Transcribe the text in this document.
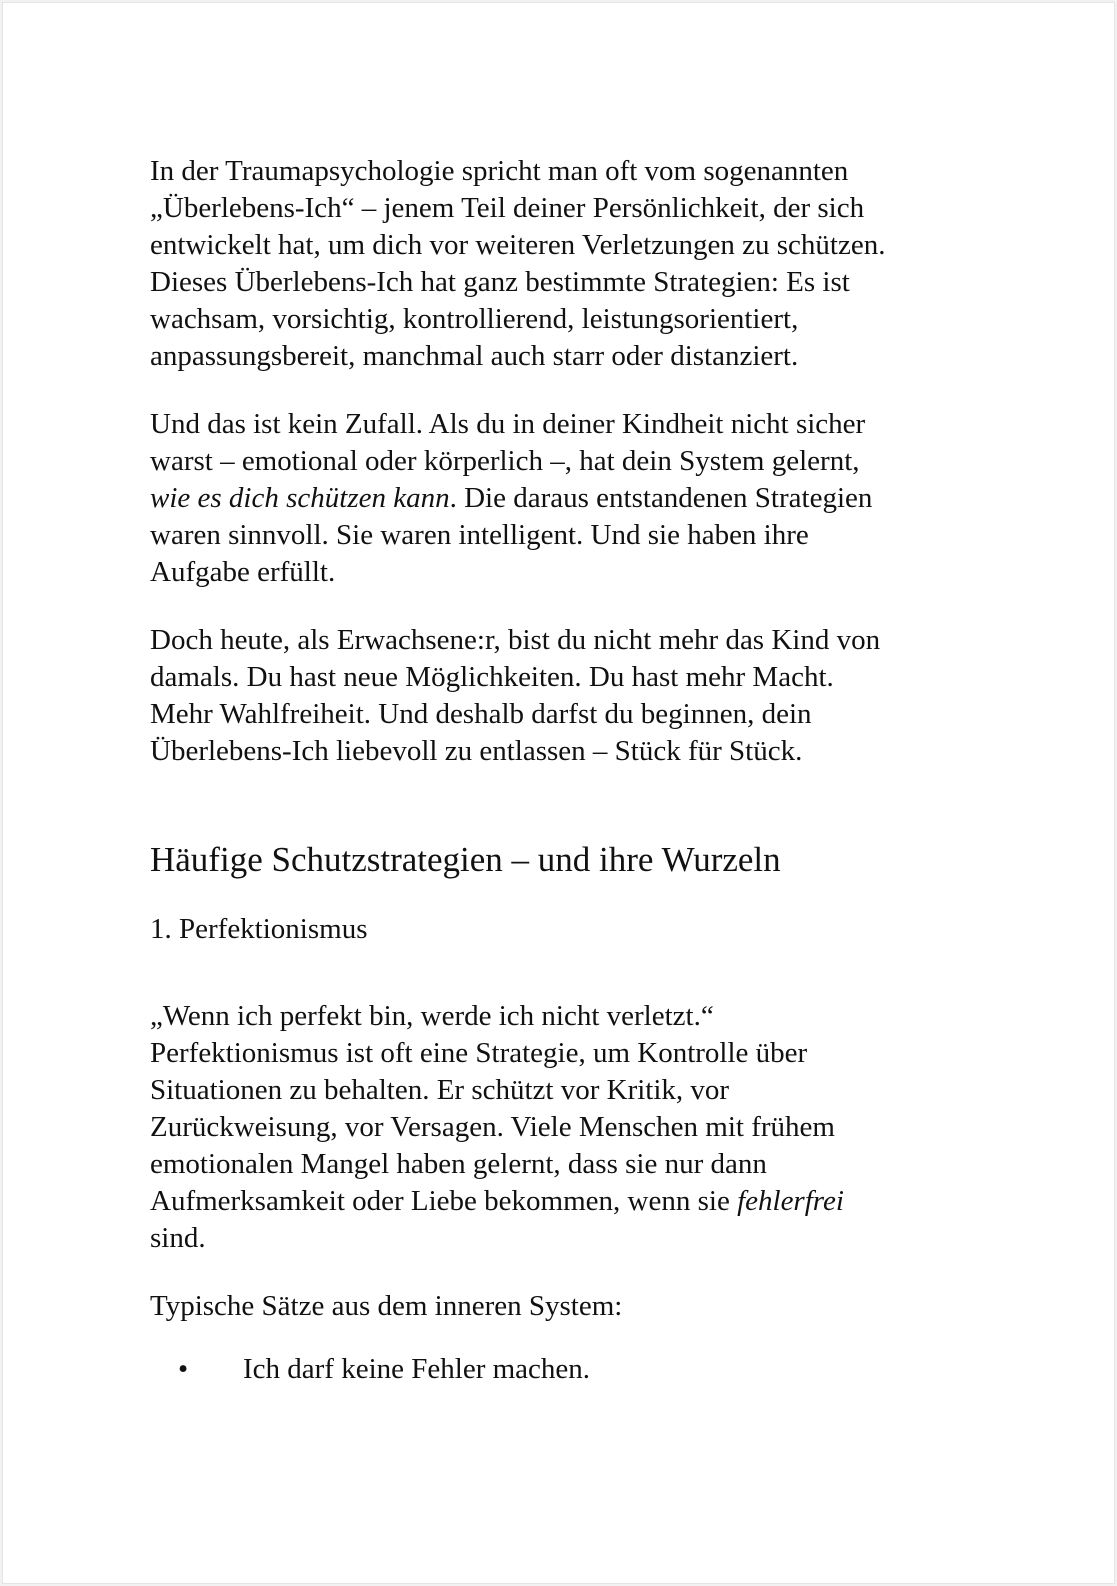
In der Traumapsychologie spricht man oft vom sogenannten
„Überlebens-Ich“ – jenem Teil deiner Persönlichkeit, der sich
entwickelt hat, um dich vor weiteren Verletzungen zu schützen.
Dieses Überlebens-Ich hat ganz bestimmte Strategien: Es ist
wachsam, vorsichtig, kontrollierend, leistungsorientiert,
anpassungsbereit, manchmal auch starr oder distanziert.

Und das ist kein Zufall. Als du in deiner Kindheit nicht sicher
warst – emotional oder körperlich –, hat dein System gelernt,
wie es dich schützen kann. Die daraus entstandenen Strategien
waren sinnvoll. Sie waren intelligent. Und sie haben ihre
Aufgabe erfüllt.

Doch heute, als Erwachsene:r, bist du nicht mehr das Kind von
damals. Du hast neue Möglichkeiten. Du hast mehr Macht.
Mehr Wahlfreiheit. Und deshalb darfst du beginnen, dein
Überlebens-Ich liebevoll zu entlassen – Stück für Stück.

Häufige Schutzstrategien – und ihre Wurzeln

1. Perfektionismus

„Wenn ich perfekt bin, werde ich nicht verletzt.“
Perfektionismus ist oft eine Strategie, um Kontrolle über
Situationen zu behalten. Er schützt vor Kritik, vor
Zurückweisung, vor Versagen. Viele Menschen mit frühem
emotionalen Mangel haben gelernt, dass sie nur dann
Aufmerksamkeit oder Liebe bekommen, wenn sie fehlerfrei
sind.

Typische Sätze aus dem inneren System:

• Ich darf keine Fehler machen.
